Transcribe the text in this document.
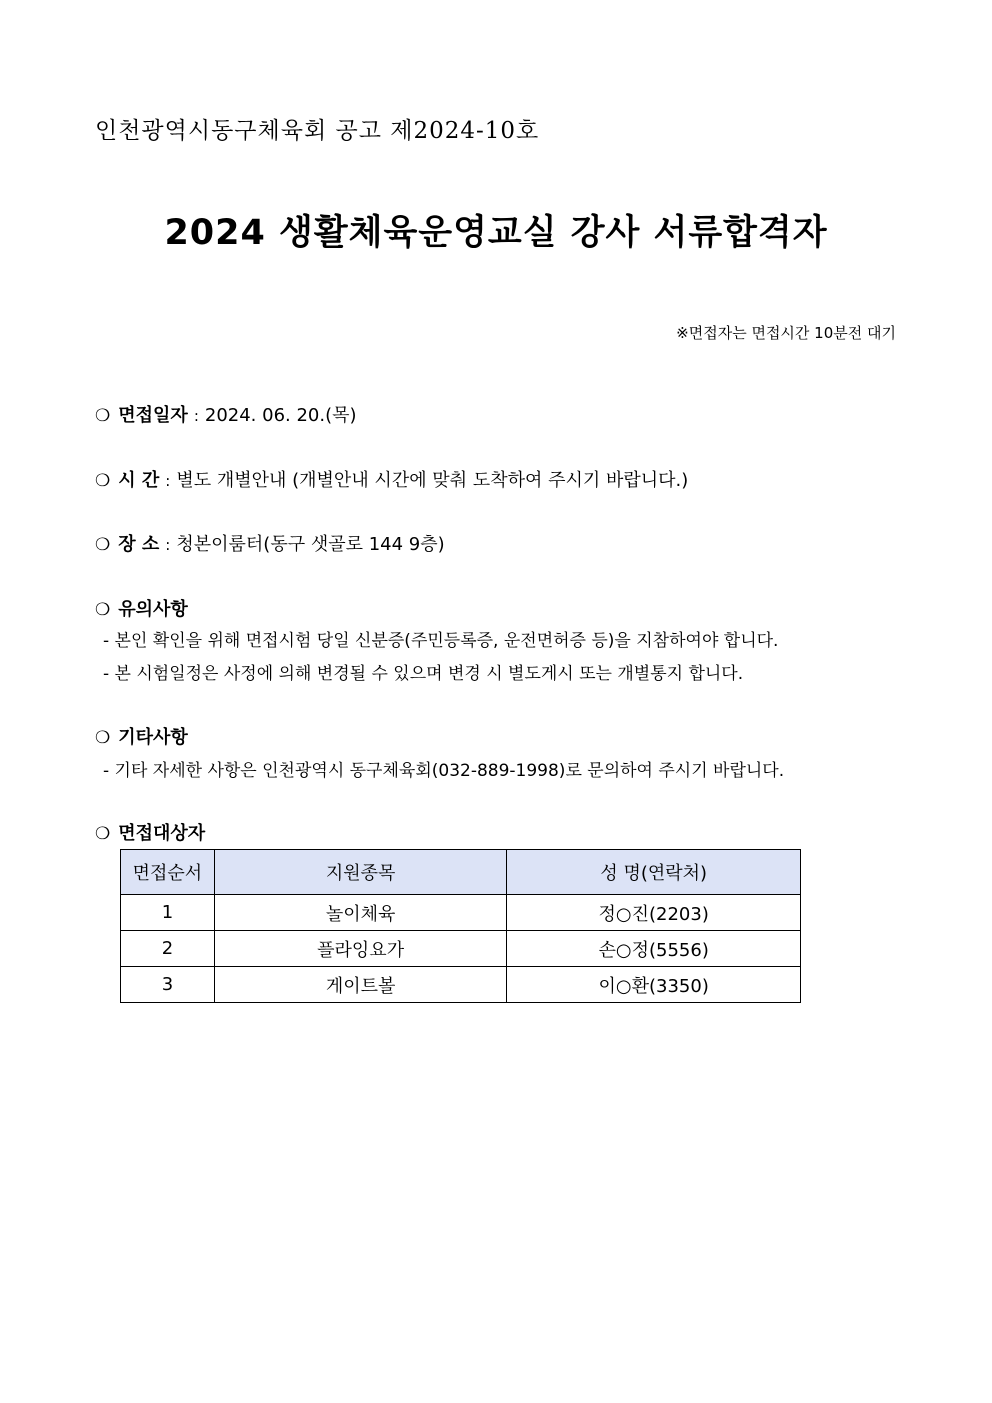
인천광역시동구체육회 공고 제2024-10호
2024 생활체육운영교실 강사 서류합격자
※면접자는 면접시간 10분전 대기
❍ 면접일자 : 2024. 06. 20.(목)
❍ 시 간 : 별도 개별안내 (개별안내 시간에 맞춰 도착하여 주시기 바랍니다.)
❍ 장 소 : 청본이룸터(동구 샛골로 144 9층)
❍ 유의사항
- 본인 확인을 위해 면접시험 당일 신분증(주민등록증, 운전면허증 등)을 지참하여야 합니다.
- 본 시험일정은 사정에 의해 변경될 수 있으며 변경 시 별도게시 또는 개별통지 합니다.
❍ 기타사항
- 기타 자세한 사항은 인천광역시 동구체육회(032-889-1998)로 문의하여 주시기 바랍니다.
❍ 면접대상자
면접순서	지원종목	성 명(연락처)
1	놀이체육	정○진(2203)
2	플라잉요가	손○정(5556)
3	게이트볼	이○환(3350)
